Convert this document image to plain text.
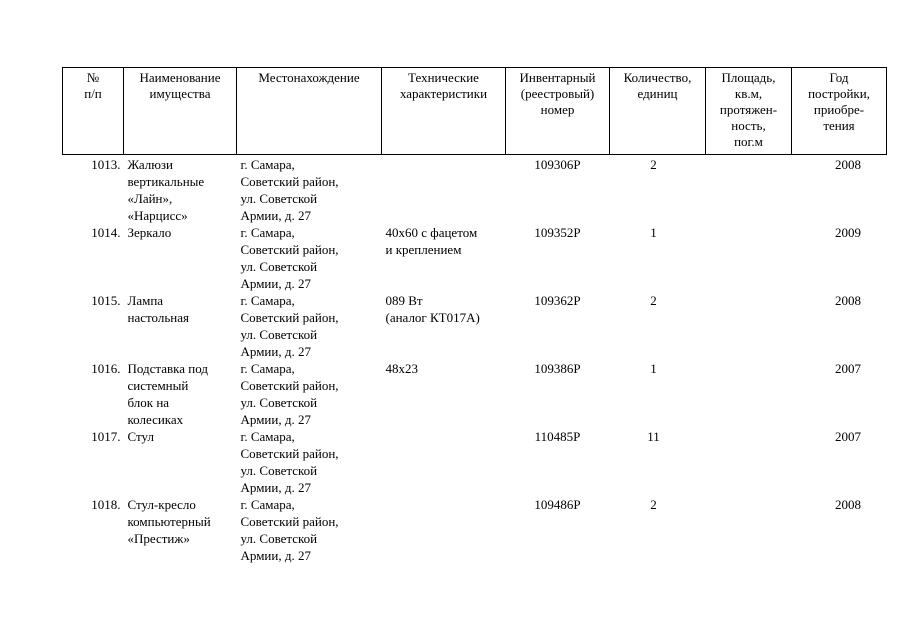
№
п/п	Наименование
имущества	Местонахождение	Технические
характеристики	Инвентарный
(реестровый)
номер	Количество,
единиц	Площадь,
кв.м,
протяжен-
ность,
пог.м	Год
постройки,
приобре-
тения
1013.	Жалюзи
вертикальные
«Лайн»,
«Нарцисс»	г. Самара,
Советский район,
ул. Советской
Армии, д. 27		109306Р	2		2008
1014.	Зеркало	г. Самара,
Советский район,
ул. Советской
Армии, д. 27	40х60 с фацетом
и креплением	109352Р	1		2009
1015.	Лампа
настольная	г. Самара,
Советский район,
ул. Советской
Армии, д. 27	089 Вт
(аналог КТ017А)	109362Р	2		2008
1016.	Подставка под
системный
блок на
колесиках	г. Самара,
Советский район,
ул. Советской
Армии, д. 27	48х23	109386Р	1		2007
1017.	Стул	г. Самара,
Советский район,
ул. Советской
Армии, д. 27		110485Р	11		2007
1018.	Стул-кресло
компьютерный
«Престиж»	г. Самара,
Советский район,
ул. Советской
Армии, д. 27		109486Р	2		2008
